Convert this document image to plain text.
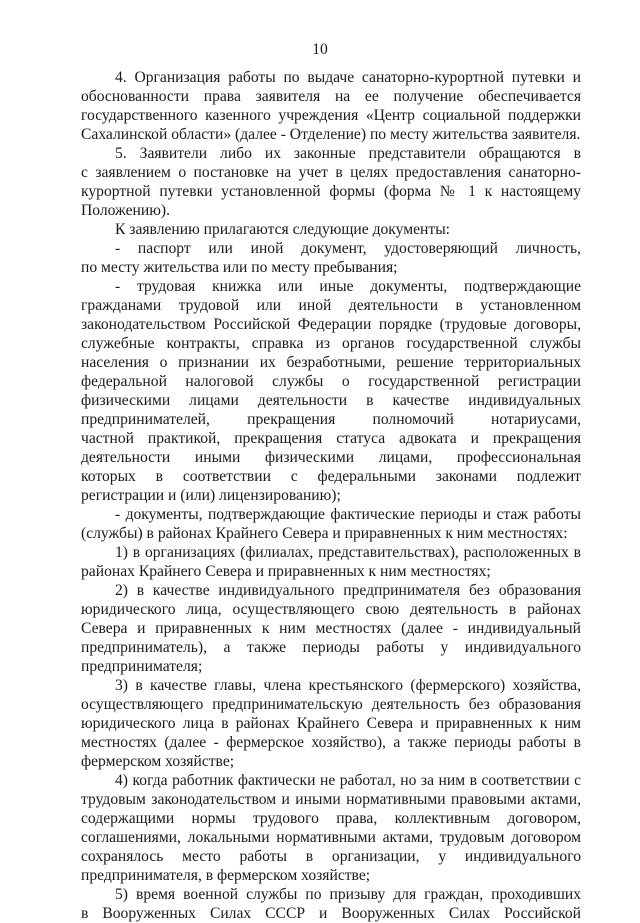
10
4. Организация работы по выдаче санаторно-курортной путевки и
обоснованности права заявителя на ее получение обеспечивается
государственного казенного учреждения «Центр социальной поддержки
Сахалинской области» (далее - Отделение) по месту жительства заявителя.
5. Заявители либо их законные представители обращаются в
с заявлением о постановке на учет в целях предоставления санаторно-
курортной путевки установленной формы (форма № 1 к настоящему
Положению).
К заявлению прилагаются следующие документы:
- паспорт или иной документ, удостоверяющий личность,
по месту жительства или по месту пребывания;
- трудовая книжка или иные документы, подтверждающие
гражданами трудовой или иной деятельности в установленном
законодательством Российской Федерации порядке (трудовые договоры,
служебные контракты, справка из органов государственной службы
населения о признании их безработными, решение территориальных
федеральной налоговой службы о государственной регистрации
физическими лицами деятельности в качестве индивидуальных
предпринимателей, прекращения полномочий нотариусами,
частной практикой, прекращения статуса адвоката и прекращения
деятельности иными физическими лицами, профессиональная
которых в соответствии с федеральными законами подлежит
регистрации и (или) лицензированию);
- документы, подтверждающие фактические периоды и стаж работы
(службы) в районах Крайнего Севера и приравненных к ним местностях:
1) в организациях (филиалах, представительствах), расположенных в
районах Крайнего Севера и приравненных к ним местностях;
2) в качестве индивидуального предпринимателя без образования
юридического лица, осуществляющего свою деятельность в районах
Севера и приравненных к ним местностях (далее - индивидуальный
предприниматель), а также периоды работы у индивидуального
предпринимателя;
3) в качестве главы, члена крестьянского (фермерского) хозяйства,
осуществляющего предпринимательскую деятельность без образования
юридического лица в районах Крайнего Севера и приравненных к ним
местностях (далее - фермерское хозяйство), а также периоды работы в
фермерском хозяйстве;
4) когда работник фактически не работал, но за ним в соответствии с
трудовым законодательством и иными нормативными правовыми актами,
содержащими нормы трудового права, коллективным договором,
соглашениями, локальными нормативными актами, трудовым договором
сохранялось место работы в организации, у индивидуального
предпринимателя, в фермерском хозяйстве;
5) время военной службы по призыву для граждан, проходивших
в Вооруженных Силах СССР и Вооруженных Силах Российской
